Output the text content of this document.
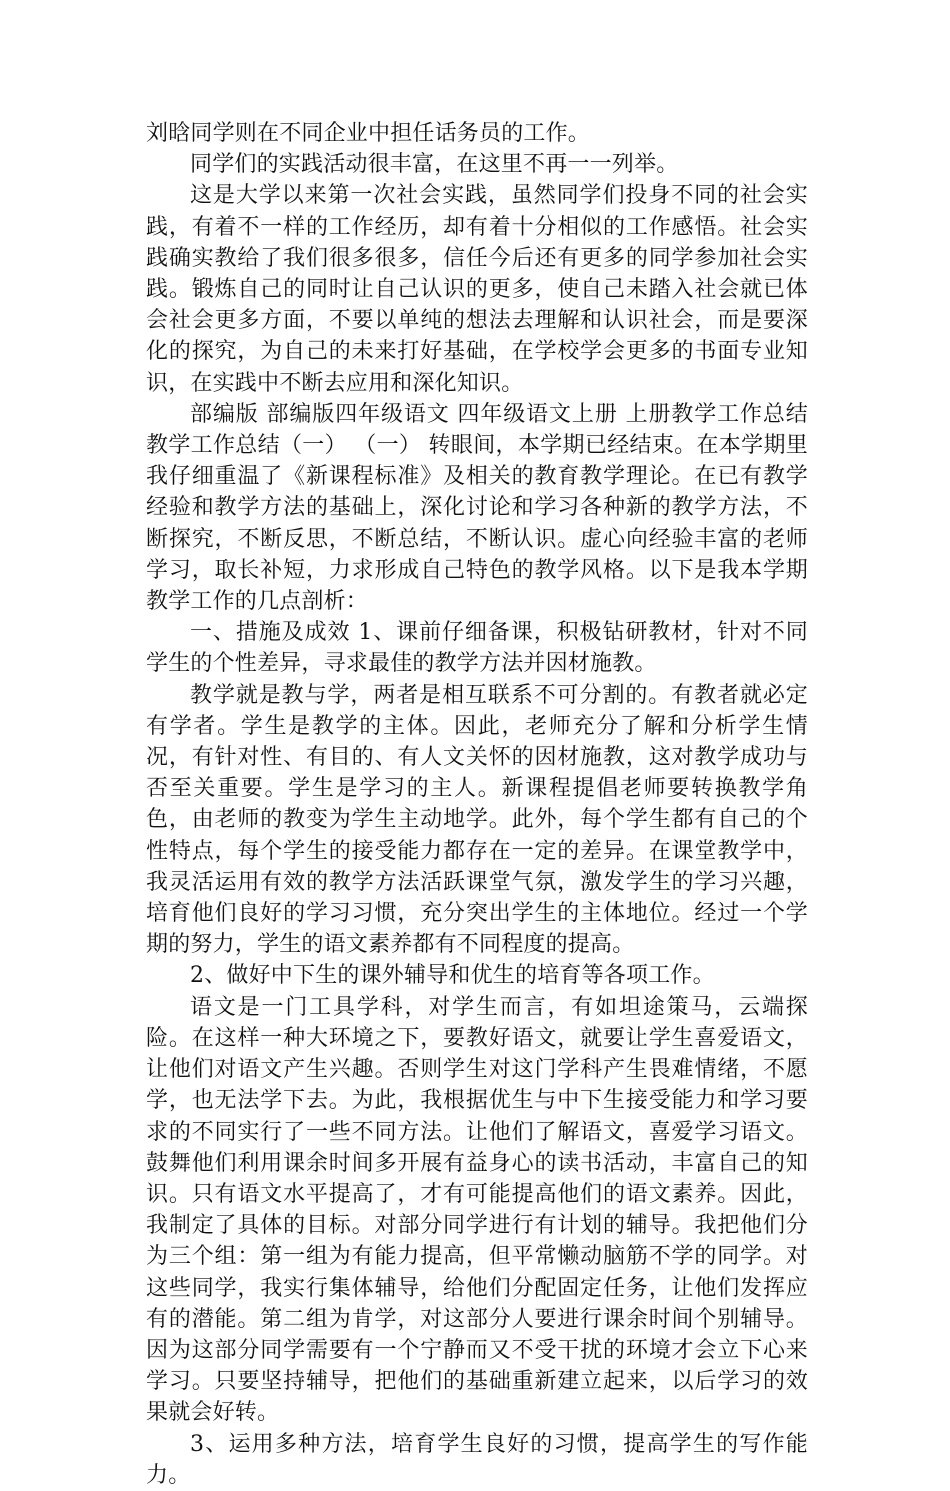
刘晗同学则在不同企业中担任话务员的工作。

同学们的实践活动很丰富，在这里不再一一列举。

这是大学以来第一次社会实践，虽然同学们投身不同的社会实践，有着不一样的工作经历，却有着十分相似的工作感悟。社会实践确实教给了我们很多很多，信任今后还有更多的同学参加社会实践。锻炼自己的同时让自己认识的更多，使自己未踏入社会就已体会社会更多方面，不要以单纯的想法去理解和认识社会，而是要深化的探究，为自己的未来打好基础，在学校学会更多的书面专业知识，在实践中不断去应用和深化知识。

部编版 部编版四年级语文 四年级语文上册 上册教学工作总结 教学工作总结（一） （一） 转眼间，本学期已经结束。在本学期里我仔细重温了《新课程标准》及相关的教育教学理论。在已有教学经验和教学方法的基础上，深化讨论和学习各种新的教学方法，不断探究，不断反思，不断总结，不断认识。虚心向经验丰富的老师学习，取长补短，力求形成自己特色的教学风格。以下是我本学期教学工作的几点剖析：

一、措施及成效 1、课前仔细备课，积极钻研教材，针对不同学生的个性差异，寻求最佳的教学方法并因材施教。

教学就是教与学，两者是相互联系不可分割的。有教者就必定有学者。学生是教学的主体。因此，老师充分了解和分析学生情况，有针对性、有目的、有人文关怀的因材施教，这对教学成功与否至关重要。学生是学习的主人。新课程提倡老师要转换教学角色，由老师的教变为学生主动地学。此外，每个学生都有自己的个性特点，每个学生的接受能力都存在一定的差异。在课堂教学中，我灵活运用有效的教学方法活跃课堂气氛，激发学生的学习兴趣，培育他们良好的学习习惯，充分突出学生的主体地位。经过一个学期的努力，学生的语文素养都有不同程度的提高。

2、做好中下生的课外辅导和优生的培育等各项工作。

语文是一门工具学科，对学生而言，有如坦途策马，云端探险。在这样一种大环境之下，要教好语文，就要让学生喜爱语文，让他们对语文产生兴趣。否则学生对这门学科产生畏难情绪，不愿学，也无法学下去。为此，我根据优生与中下生接受能力和学习要求的不同实行了一些不同方法。让他们了解语文，喜爱学习语文。鼓舞他们利用课余时间多开展有益身心的读书活动，丰富自己的知识。只有语文水平提高了，才有可能提高他们的语文素养。因此，我制定了具体的目标。对部分同学进行有计划的辅导。我把他们分为三个组：第一组为有能力提高，但平常懒动脑筋不学的同学。对这些同学，我实行集体辅导，给他们分配固定任务，让他们发挥应有的潜能。第二组为肯学，对这部分人要进行课余时间个别辅导。因为这部分同学需要有一个宁静而又不受干扰的环境才会立下心来学习。只要坚持辅导，把他们的基础重新建立起来，以后学习的效果就会好转。

3、运用多种方法，培育学生良好的习惯，提高学生的写作能力。
